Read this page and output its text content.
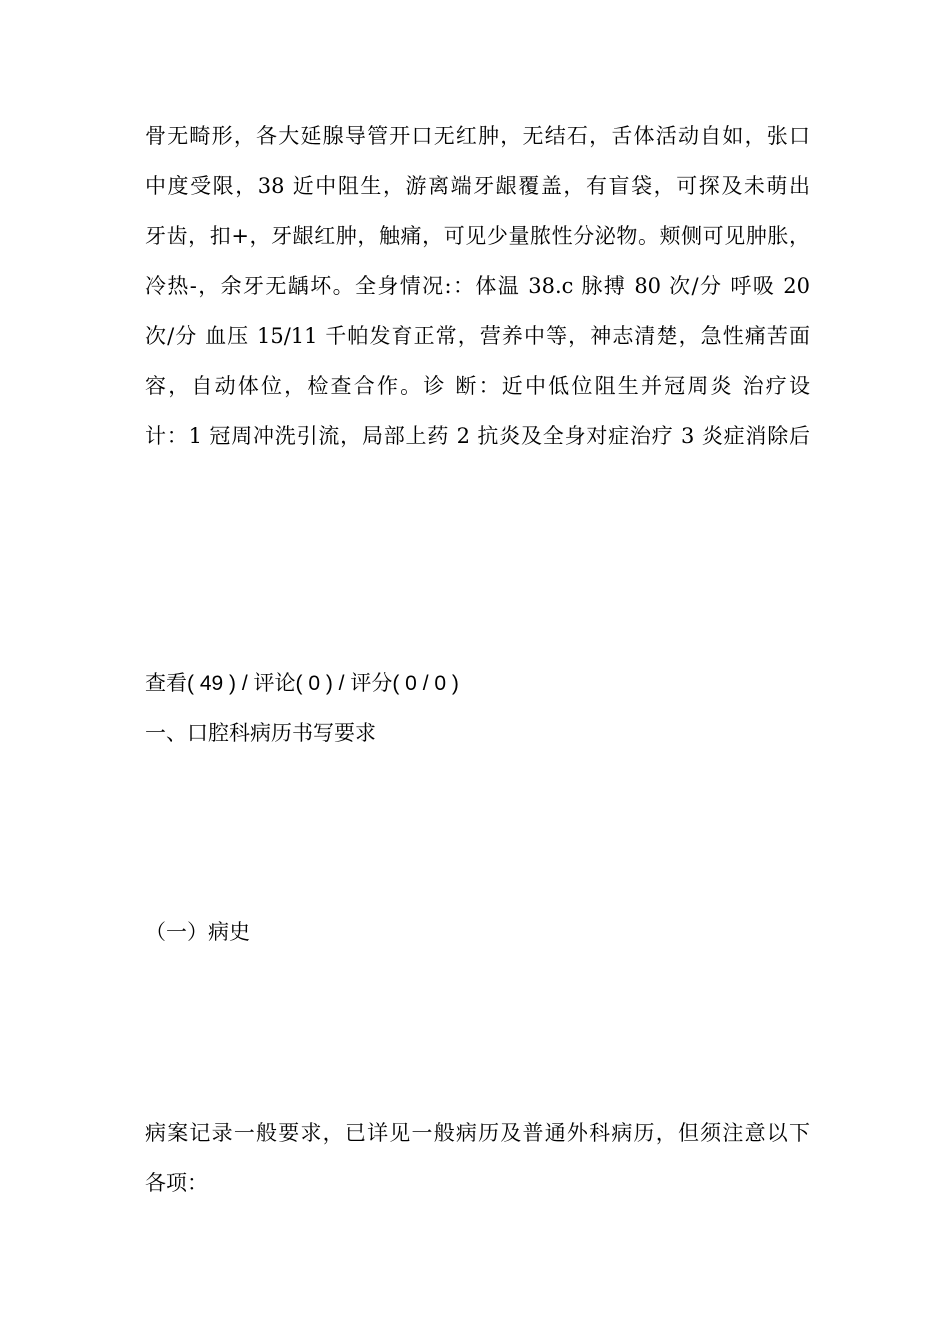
骨无畸形，各大延腺导管开口无红肿，无结石，舌体活动自如，张口
中度受限，38 近中阻生，游离端牙龈覆盖，有盲袋，可探及未萌出
牙齿，扣+，牙龈红肿，触痛，可见少量脓性分泌物。颊侧可见肿胀，
冷热-，余牙无龋坏。全身情况:：体温 38.c 脉搏 80 次/分 呼吸 20
次/分 血压 15/11 千帕发育正常，营养中等，神志清楚，急性痛苦面
容，自动体位，检查合作。诊 断：近中低位阻生并冠周炎 治疗设
计：1 冠周冲洗引流，局部上药 2 抗炎及全身对症治疗 3 炎症消除后
查看( 49 ) / 评论( 0 ) / 评分( 0 / 0 )
一、口腔科病历书写要求
（一）病史
病案记录一般要求，已详见一般病历及普通外科病历，但须注意以下
各项：
